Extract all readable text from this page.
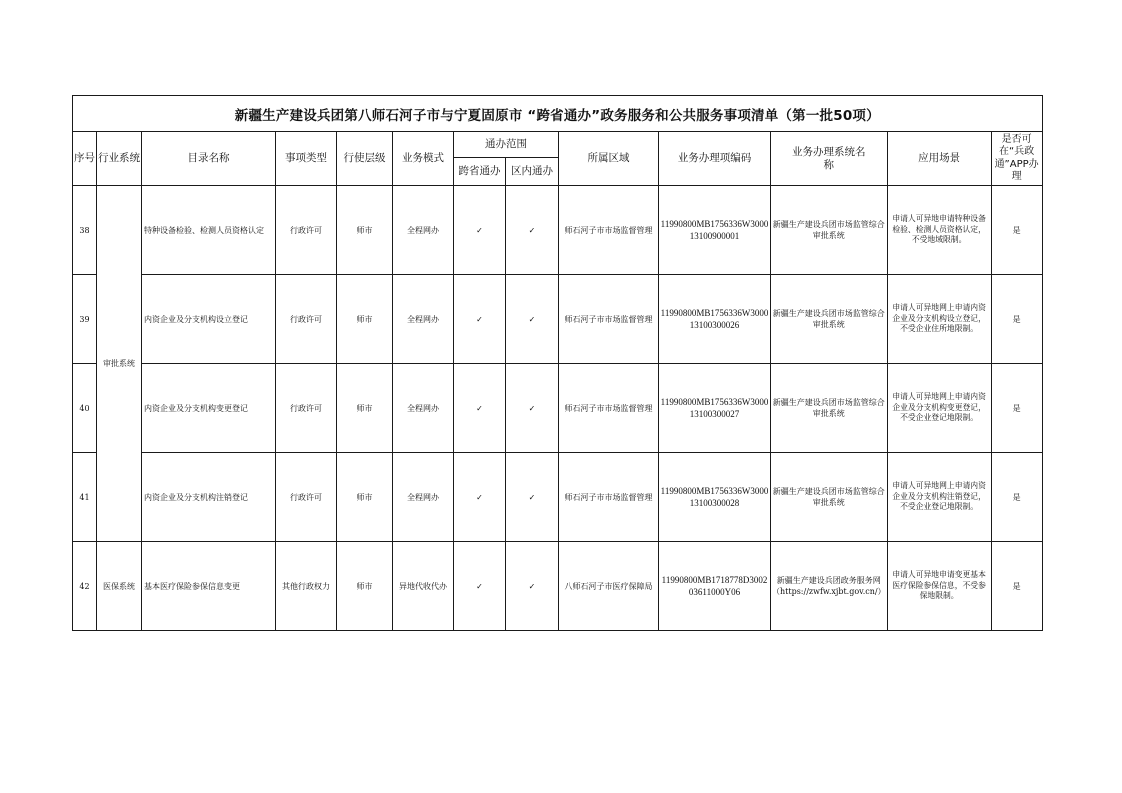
新疆生产建设兵团第八师石河子市与宁夏固原市 “跨省通办”政务服务和公共服务事项清单（第一批50项）												
序号	行业系统	目录名称	事项类型	行使层级	业务模式	通办范围		所属区域	业务办理项编码	业务办理系统名称	应用场景	是否可在“兵政通”APP办理
						跨省通办	区内通办					
38	审批系统	特种设备检验、检测人员资格认定	行政许可	师市	全程网办	✓	✓	师石河子市市场监督管理	11990800MB1756336W300013100900001	新疆生产建设兵团市场监管综合审批系统	申请人可异地申请特种设备检验、检测人员资格认定，不受地域限制。	是
39		内资企业及分支机构设立登记	行政许可	师市	全程网办	✓	✓	师石河子市市场监督管理	11990800MB1756336W300013100300026	新疆生产建设兵团市场监管综合审批系统	申请人可异地网上申请内资企业及分支机构设立登记，不受企业住所地限制。	是
40		内资企业及分支机构变更登记	行政许可	师市	全程网办	✓	✓	师石河子市市场监督管理	11990800MB1756336W300013100300027	新疆生产建设兵团市场监管综合审批系统	申请人可异地网上申请内资企业及分支机构变更登记，不受企业登记地限制。	是
41		内资企业及分支机构注销登记	行政许可	师市	全程网办	✓	✓	师石河子市市场监督管理	11990800MB1756336W300013100300028	新疆生产建设兵团市场监管综合审批系统	申请人可异地网上申请内资企业及分支机构注销登记，不受企业登记地限制。	是
42	医保系统	基本医疗保险参保信息变更	其他行政权力	师市	异地代收代办	✓	✓	八师石河子市医疗保障局	11990800MB1718778D300203611000Y06	新疆生产建设兵团政务服务网（https://zwfw.xjbt.gov.cn/）	申请人可异地申请变更基本医疗保险参保信息，不受参保地限制。	是
